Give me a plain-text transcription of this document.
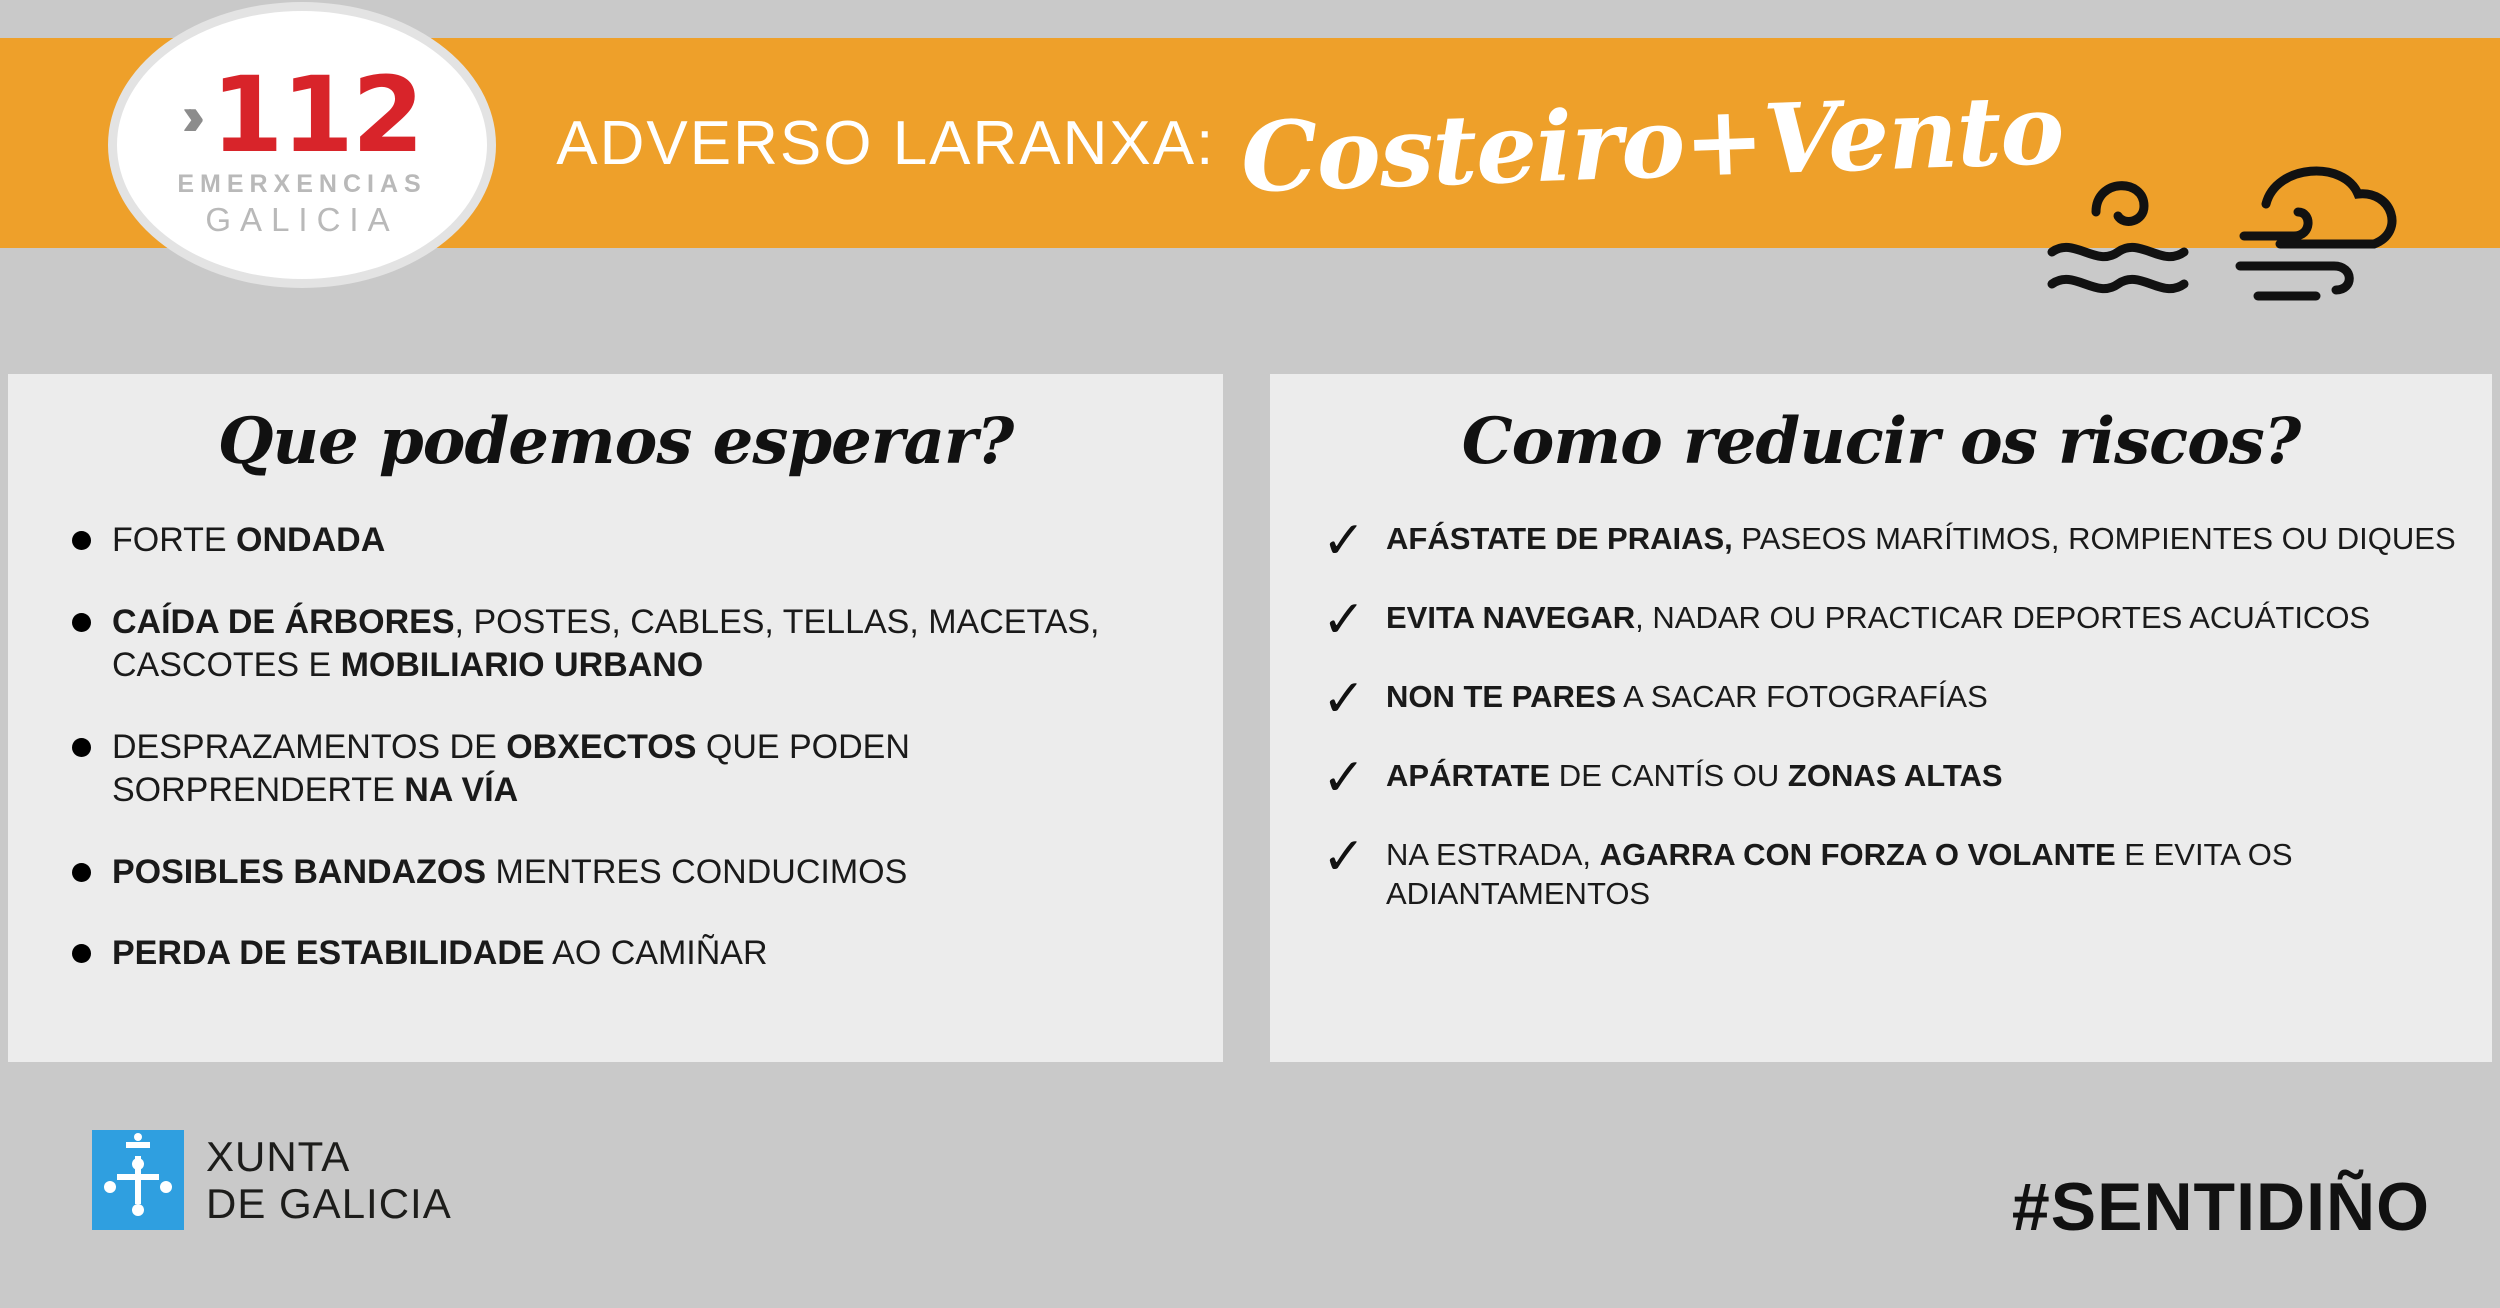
ADVERSO LARANXA: Costeiro+Vento
›› 112
EMERXENCIAS
GALICIA
Que podemos esperar?
FORTE ONDADA
CAÍDA DE ÁRBORES, POSTES, CABLES, TELLAS, MACETAS, CASCOTES E MOBILIARIO URBANO
DESPRAZAMENTOS DE OBXECTOS QUE PODEN SORPRENDERTE NA VÍA
POSIBLES BANDAZOS MENTRES CONDUCIMOS
PERDA DE ESTABILIDADE AO CAMIÑAR
Como reducir os riscos?
✓ AFÁSTATE DE PRAIAS, PASEOS MARÍTIMOS, ROMPIENTES OU DIQUES
✓ EVITA NAVEGAR, NADAR OU PRACTICAR DEPORTES ACUÁTICOS
✓ NON TE PARES A SACAR FOTOGRAFÍAS
✓ APÁRTATE DE CANTÍS OU ZONAS ALTAS
✓ NA ESTRADA, AGARRA CON FORZA O VOLANTE E EVITA OS ADIANTAMENTOS
XUNTA
DE GALICIA	#SENTIDIÑO
